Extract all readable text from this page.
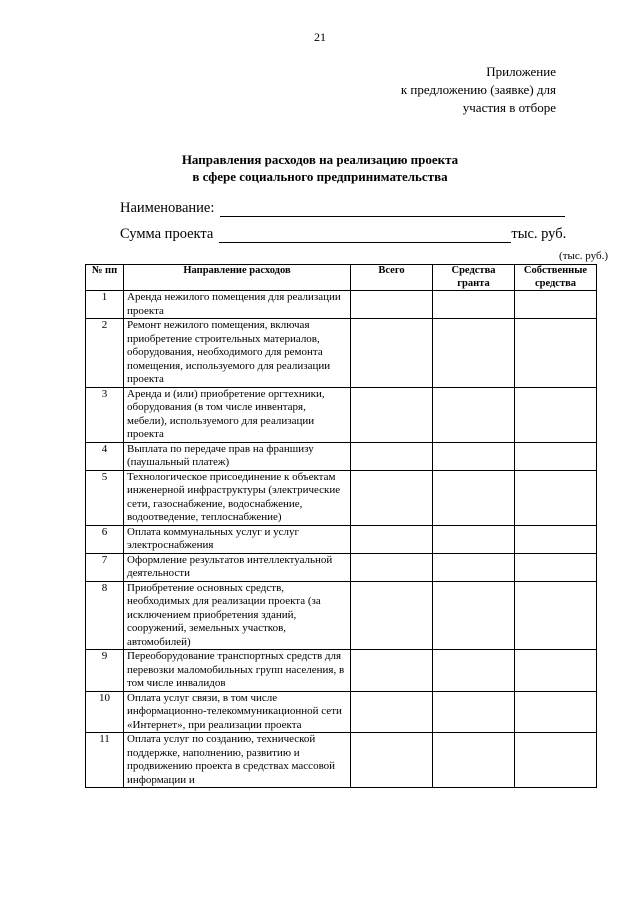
21
Приложение
к предложению (заявке) для
участия в отборе
Направления расходов на реализацию проекта
в сфере социального предпринимательства
Наименование:
Сумма проекта	тыс. руб.
(тыс. руб.)
№ пп	Направление расходов	Всего	Средства гранта	Собственные средства
1	Аренда нежилого помещения для реализации проекта			
2	Ремонт нежилого помещения, включая приобретение строительных материалов, оборудования, необходимого для ремонта помещения, используемого для реализации проекта			
3	Аренда и (или) приобретение оргтехники, оборудования (в том числе инвентаря, мебели), используемого для реализации проекта			
4	Выплата по передаче прав на франшизу (паушальный платеж)			
5	Технологическое присоединение к объектам инженерной инфраструктуры (электрические сети, газоснабжение, водоснабжение, водоотведение, теплоснабжение)			
6	Оплата коммунальных услуг и услуг электроснабжения			
7	Оформление результатов интеллектуальной деятельности			
8	Приобретение основных средств, необходимых для реализации проекта (за исключением приобретения зданий, сооружений, земельных участков, автомобилей)			
9	Переоборудование транспортных средств для перевозки маломобильных групп населения, в том числе инвалидов			
10	Оплата услуг связи, в том числе информационно-телекоммуникационной сети «Интернет», при реализации проекта			
11	Оплата услуг по созданию, технической поддержке, наполнению, развитию и продвижению проекта в средствах массовой информации и			
